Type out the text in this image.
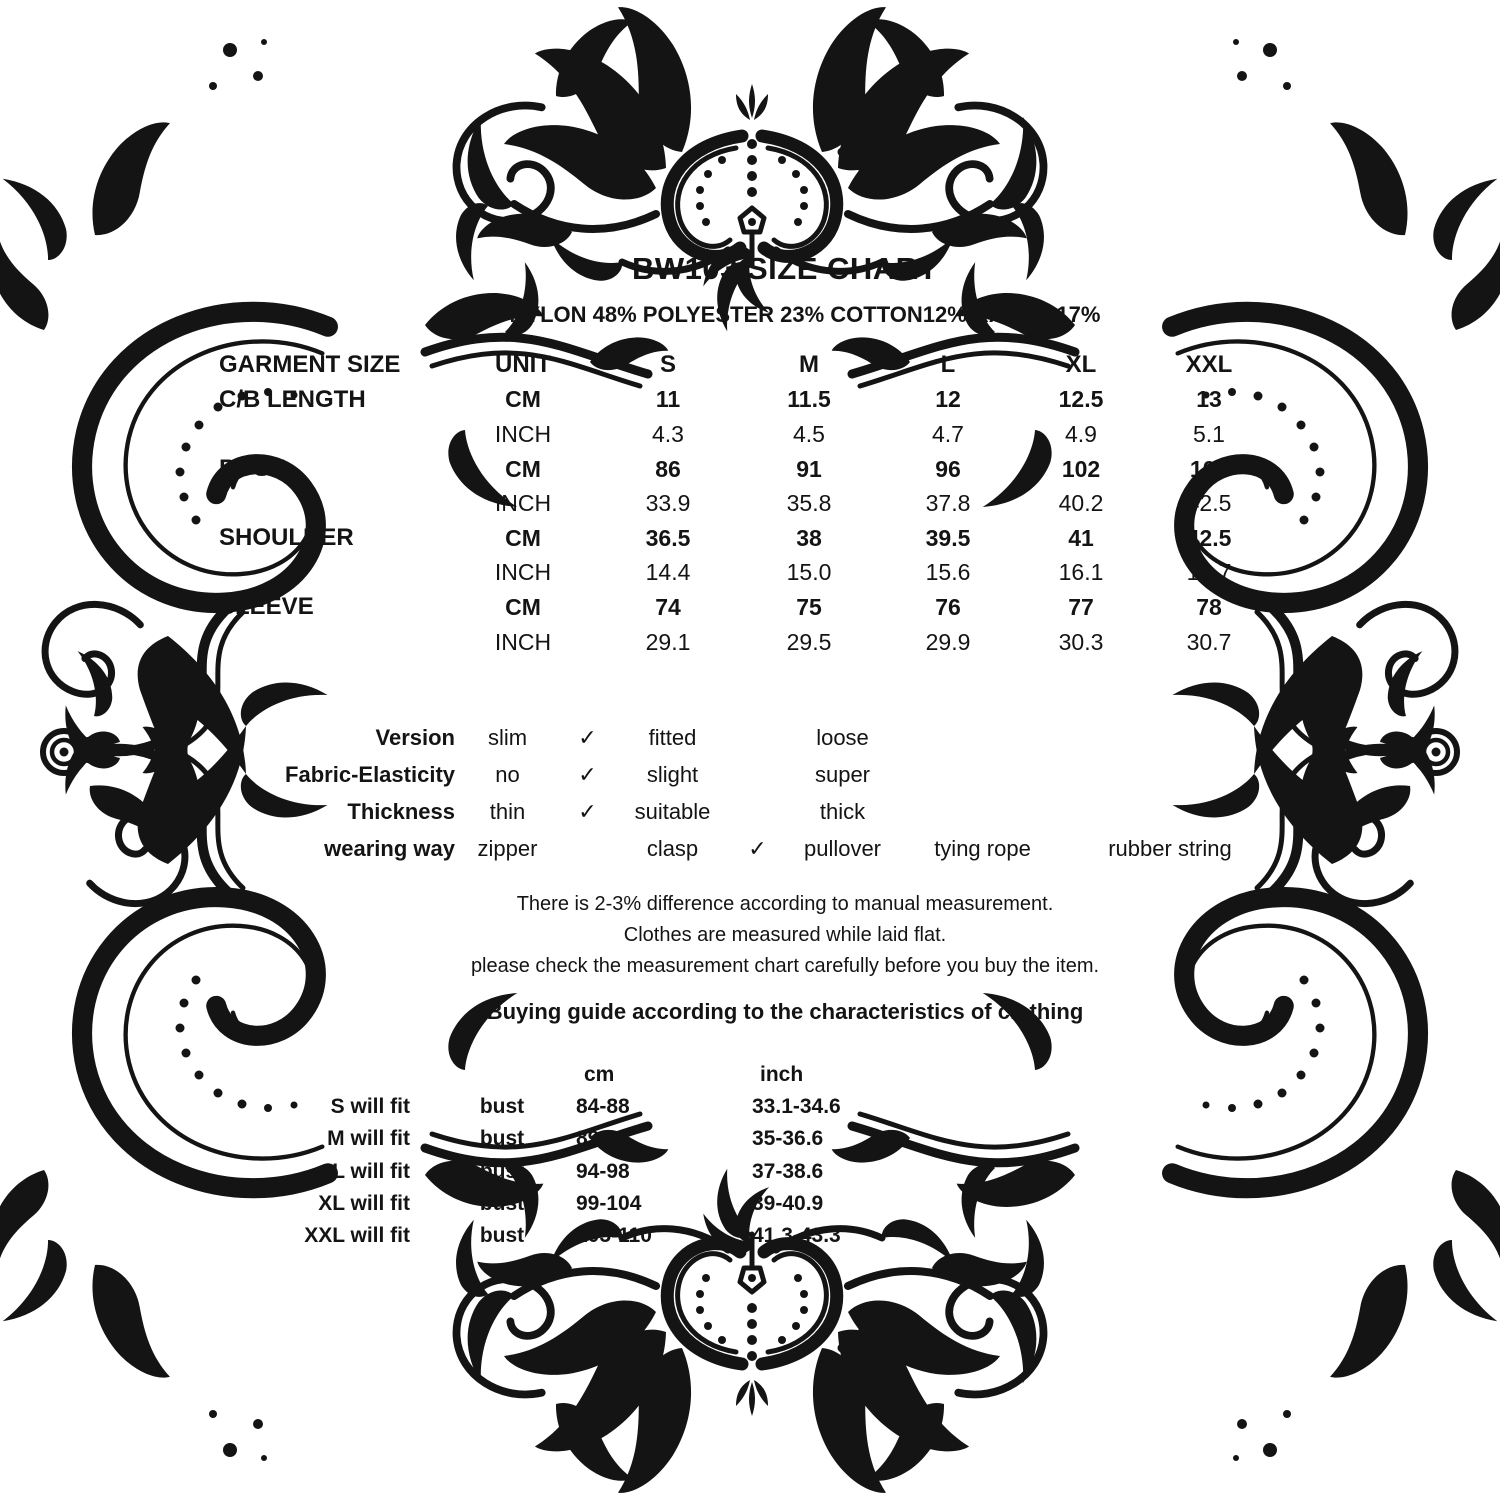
BW103 SIZE CHART
NYLON 48% POLYESTER 23% COTTON12% RAYON 17%
GARMENT SIZE	UNIT	S	M	L	XL	XXL
C/B LENGTH	CM	11	11.5	12	12.5	13
INCH	4.3	4.5	4.7	4.9	5.1
BUST	CM	86	91	96	102	108
INCH	33.9	35.8	37.8	40.2	42.5
SHOULDER	CM	36.5	38	39.5	41	42.5
INCH	14.4	15.0	15.6	16.1	16.7
SLEEVE	CM	74	75	76	77	78
INCH	29.1	29.5	29.9	30.3	30.7
Version	slim	✓	fitted	loose
Fabric-Elasticity	no	✓	slight	super
Thickness	thin	✓	suitable	thick
wearing way	zipper	clasp	✓	pullover	tying rope	rubber string

There is 2-3% difference according to manual measurement.

Clothes are measured while laid flat.

please check the measurement chart carefully before you buy the item.

Buying guide according to the characteristics of clothing
cm	inch
S will fit	bust	84-88	33.1-34.6
M will fit	bust	89-93	35-36.6
L will fit	bust	94-98	37-38.6
XL will fit	bust	99-104	39-40.9
XXL will fit	bust	105-110	41.3-43.3
